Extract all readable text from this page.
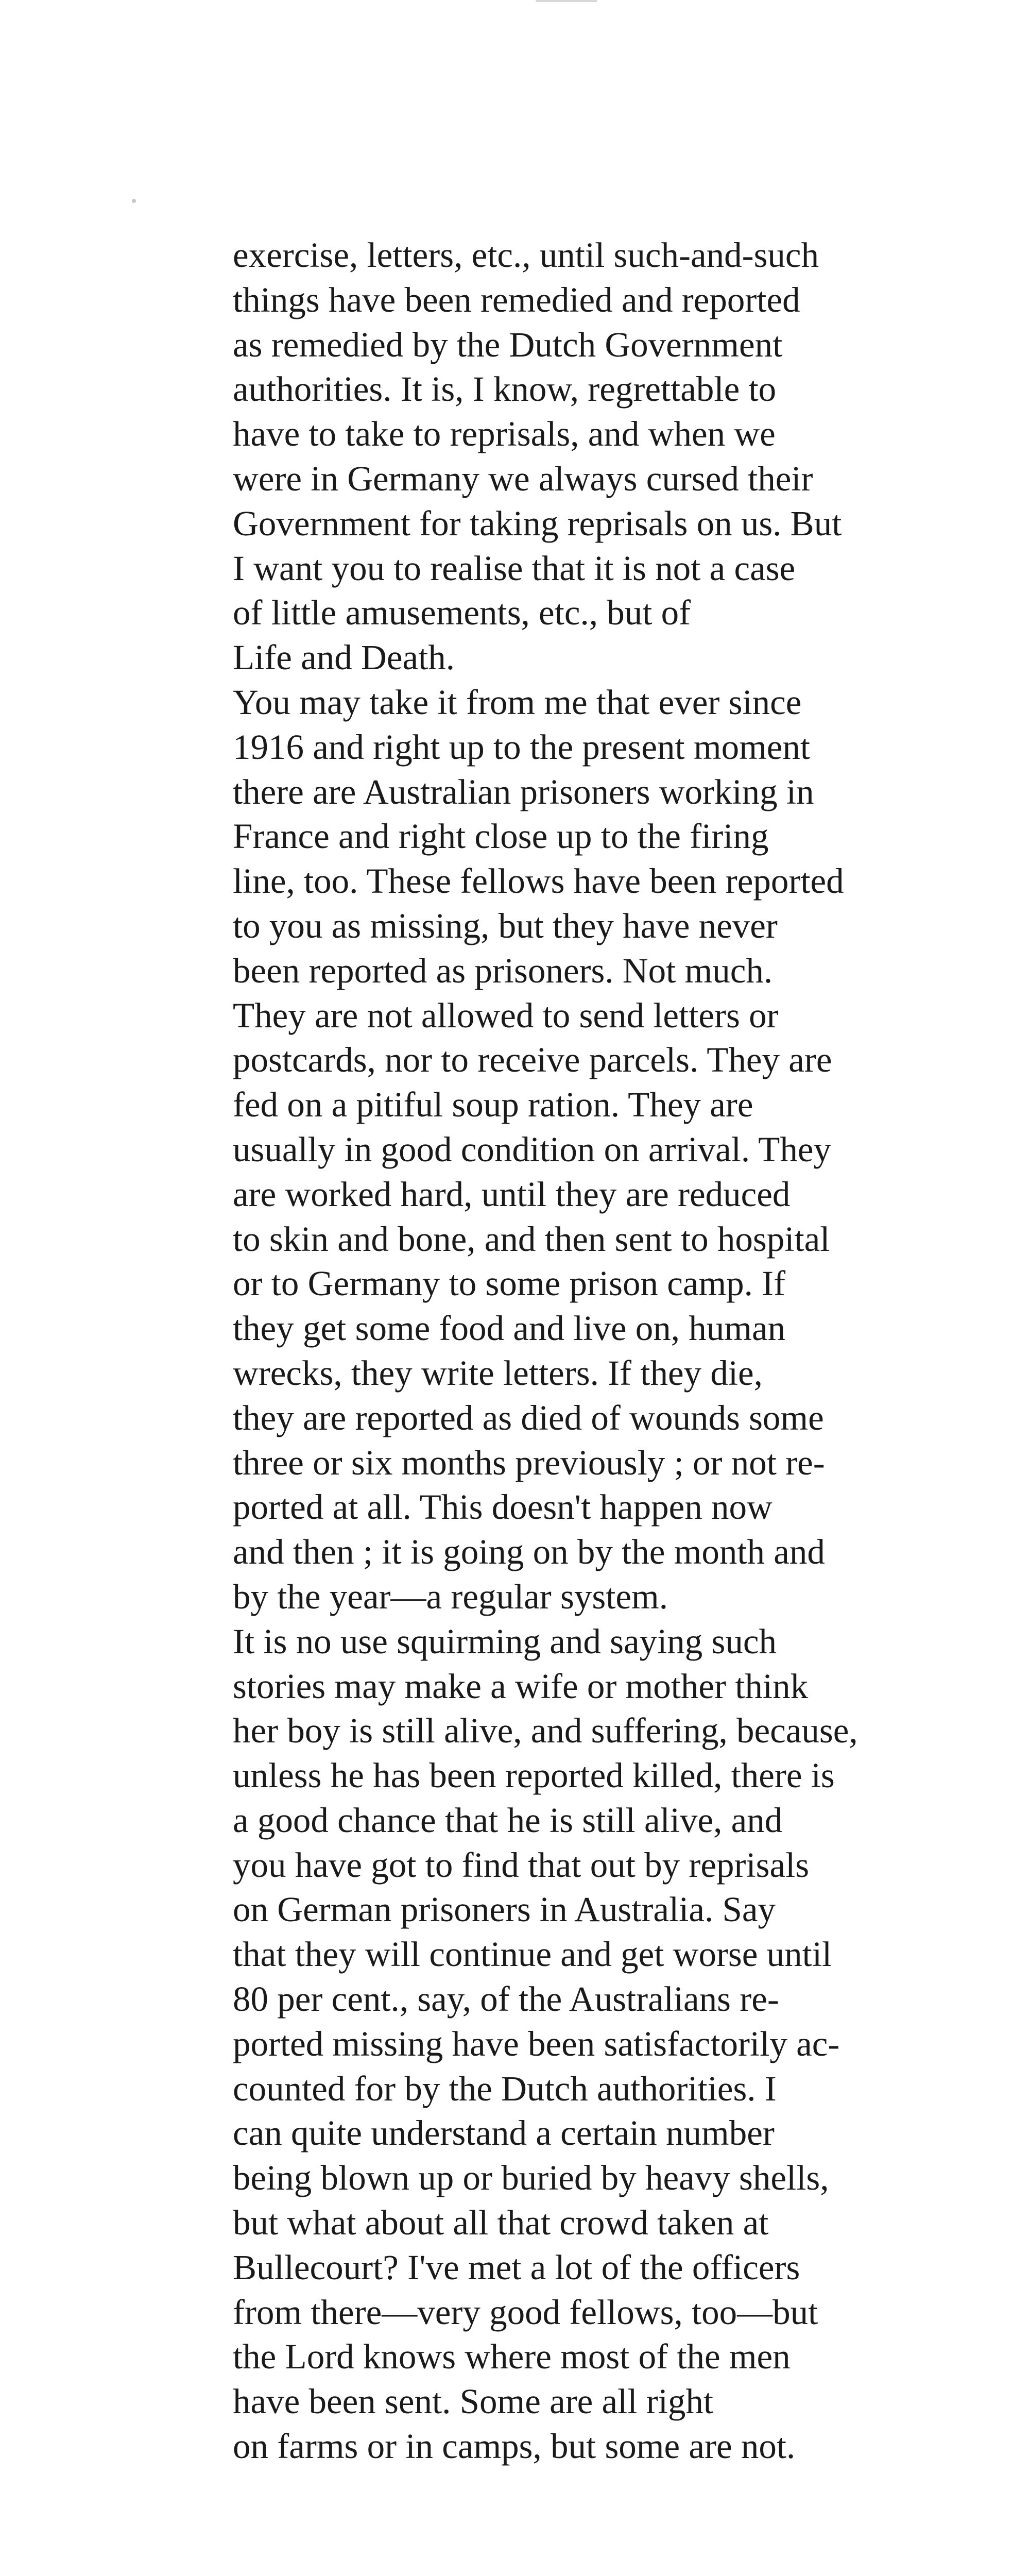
exercise, letters, etc., until such-and-such
things have been remedied and reported
as remedied by the Dutch Government
authorities. It is, I know, regrettable to
have to take to reprisals, and when we
were in Germany we always cursed their
Government for taking reprisals on us. But
I want you to realise that it is not a case
of little amusements, etc., but of
Life and Death.
You may take it from me that ever since
1916 and right up to the present moment
there are Australian prisoners working in
France and right close up to the firing
line, too. These fellows have been reported
to you as missing, but they have never
been reported as prisoners. Not much.
They are not allowed to send letters or
postcards, nor to receive parcels. They are
fed on a pitiful soup ration. They are
usually in good condition on arrival. They
are worked hard, until they are reduced
to skin and bone, and then sent to hospital
or to Germany to some prison camp. If
they get some food and live on, human
wrecks, they write letters. If they die,
they are reported as died of wounds some
three or six months previously ; or not re-
ported at all. This doesn't happen now
and then ; it is going on by the month and
by the year—a regular system.
It is no use squirming and saying such
stories may make a wife or mother think
her boy is still alive, and suffering, because,
unless he has been reported killed, there is
a good chance that he is still alive, and
you have got to find that out by reprisals
on German prisoners in Australia. Say
that they will continue and get worse until
80 per cent., say, of the Australians re-
ported missing have been satisfactorily ac-
counted for by the Dutch authorities. I
can quite understand a certain number
being blown up or buried by heavy shells,
but what about all that crowd taken at
Bullecourt? I've met a lot of the officers
from there—very good fellows, too—but
the Lord knows where most of the men
have been sent. Some are all right
on farms or in camps, but some are not.
